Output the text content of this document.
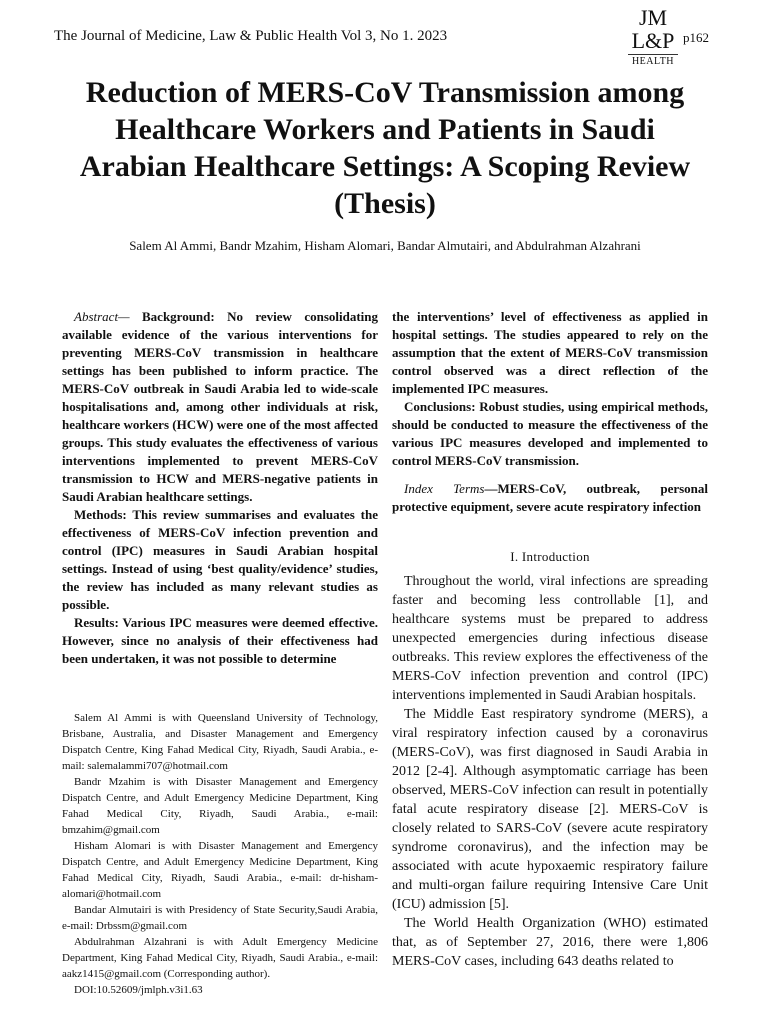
The Journal of Medicine, Law & Public Health Vol 3, No 1. 2023
JM
L&P
HEALTH
p162
Reduction of MERS-CoV Transmission among Healthcare Workers and Patients in Saudi Arabian Healthcare Settings: A Scoping Review (Thesis)
Salem Al Ammi, Bandr Mzahim, Hisham Alomari, Bandar Almutairi, and Abdulrahman Alzahrani

Abstract— Background: No review consolidating available evidence of the various interventions for preventing MERS-CoV transmission in healthcare settings has been published to inform practice. The MERS-CoV outbreak in Saudi Arabia led to wide-scale hospitalisations and, among other individuals at risk, healthcare workers (HCW) were one of the most affected groups. This study evaluates the effectiveness of various interventions implemented to prevent MERS-CoV transmission to HCW and MERS-negative patients in Saudi Arabian healthcare settings.

Methods: This review summarises and evaluates the effectiveness of MERS-CoV infection prevention and control (IPC) measures in Saudi Arabian hospital settings. Instead of using ‘best quality/evidence’ studies, the review has included as many relevant studies as possible.

Results: Various IPC measures were deemed effective. However, since no analysis of their effectiveness had been undertaken, it was not possible to determine

the interventions’ level of effectiveness as applied in hospital settings. The studies appeared to rely on the assumption that the extent of MERS-CoV transmission control observed was a direct reflection of the implemented IPC measures.

Conclusions: Robust studies, using empirical methods, should be conducted to measure the effectiveness of the various IPC measures developed and implemented to control MERS-CoV transmission.

Index Terms—MERS-CoV, outbreak, personal protective equipment, severe acute respiratory infection

I. Introduction

Throughout the world, viral infections are spreading faster and becoming less controllable [1], and healthcare systems must be prepared to address unexpected emergencies during infectious disease outbreaks. This review explores the effectiveness of the MERS-CoV infection prevention and control (IPC) interventions implemented in Saudi Arabian hospitals.

The Middle East respiratory syndrome (MERS), a viral respiratory infection caused by a coronavirus (MERS-CoV), was first diagnosed in Saudi Arabia in 2012 [2-4]. Although asymptomatic carriage has been observed, MERS-CoV infection can result in potentially fatal acute respiratory disease [2]. MERS-CoV is closely related to SARS-CoV (severe acute respiratory syndrome coronavirus), and the infection may be associated with acute hypoxaemic respiratory failure and multi-organ failure requiring Intensive Care Unit (ICU) admission [5].

The World Health Organization (WHO) estimated that, as of September 27, 2016, there were 1,806 MERS-CoV cases, including 643 deaths related to

Salem Al Ammi is with Queensland University of Technology, Brisbane, Australia, and Disaster Management and Emergency Dispatch Centre, King Fahad Medical City, Riyadh, Saudi Arabia., e-mail: salemalammi707@hotmail.com

Bandr Mzahim is with Disaster Management and Emergency Dispatch Centre, and Adult Emergency Medicine Department, King Fahad Medical City, Riyadh, Saudi Arabia., e-mail: bmzahim@gmail.com

Hisham Alomari is with Disaster Management and Emergency Dispatch Centre, and Adult Emergency Medicine Department, King Fahad Medical City, Riyadh, Saudi Arabia., e-mail: dr-hisham-alomari@hotmail.com

Bandar Almutairi is with Presidency of State Security,Saudi Arabia, e-mail: Drbssm@gmail.com

Abdulrahman Alzahrani is with Adult Emergency Medicine Department, King Fahad Medical City, Riyadh, Saudi Arabia., e-mail: aakz1415@gmail.com (Corresponding author).

DOI:10.52609/jmlph.v3i1.63
